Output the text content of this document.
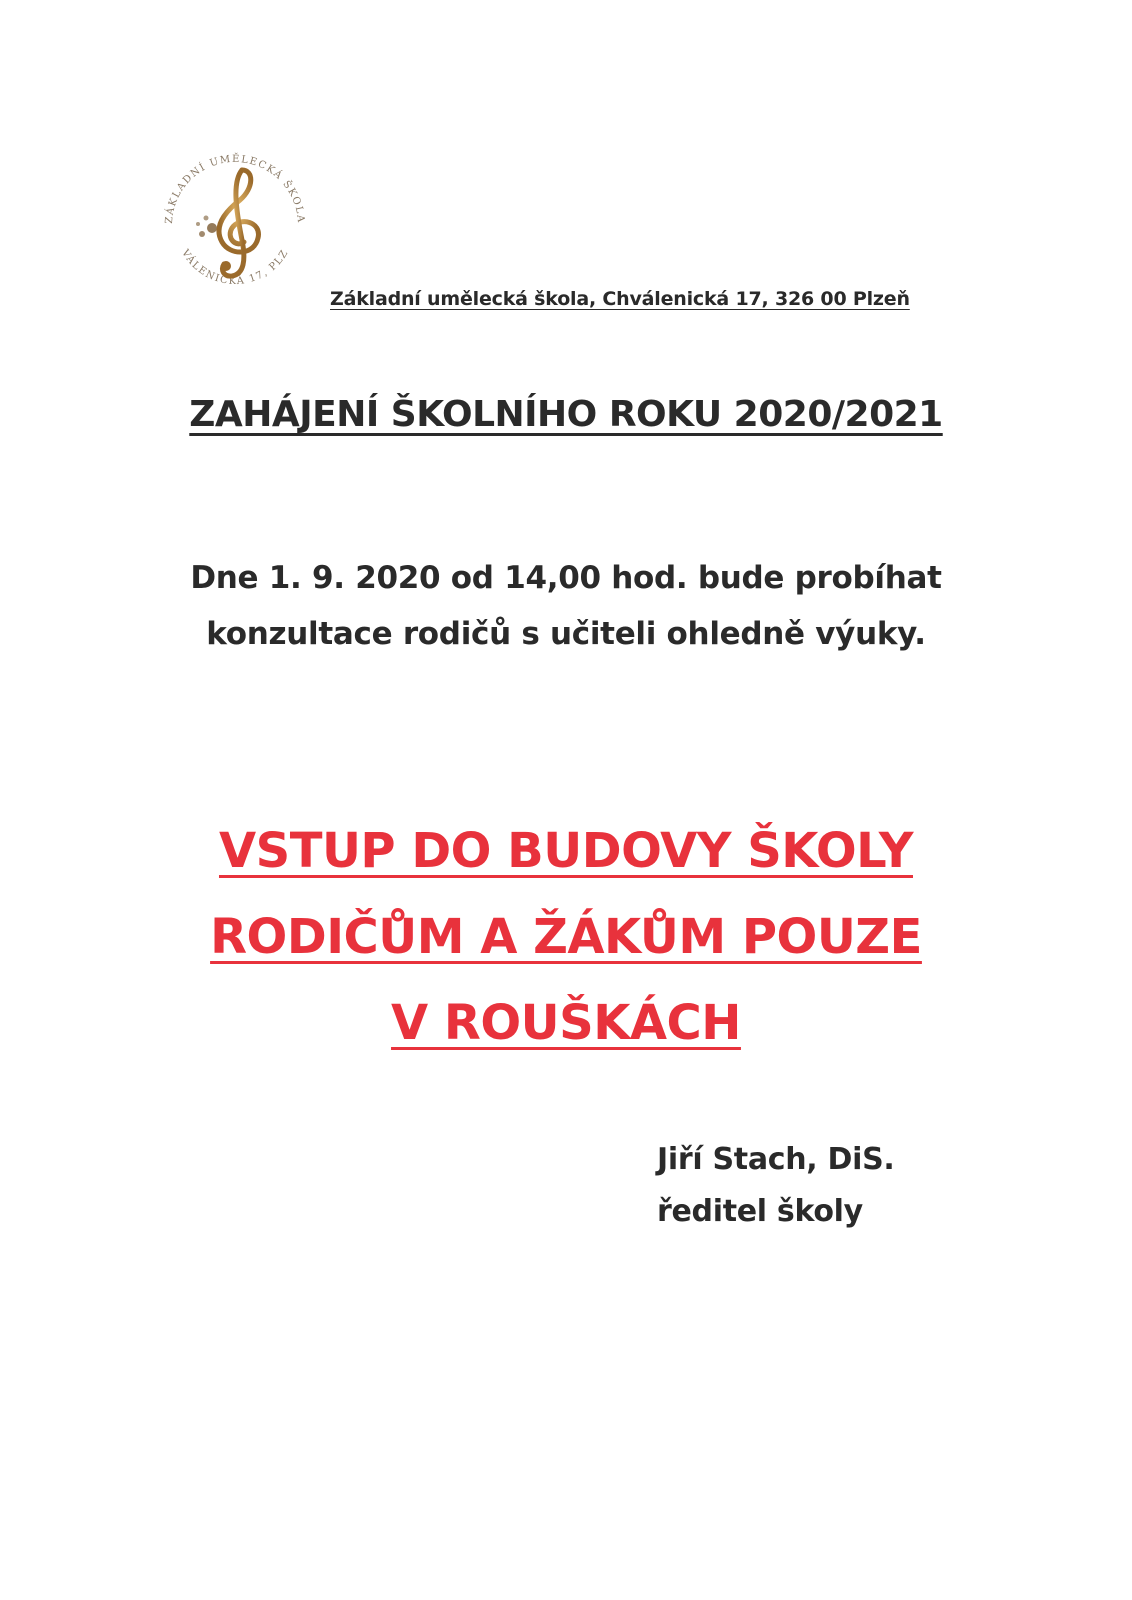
ZÁKLADNÍ UMĚLECKÁ ŠKOLA
VÁLENICKÁ 17, PLZ
Základní umělecká škola, Chválenická 17, 326 00 Plzeň
ZAHÁJENÍ ŠKOLNÍHO ROKU 2020/2021
Dne 1. 9. 2020 od 14,00 hod. bude probíhat
konzultace rodičů s učiteli ohledně výuky.
VSTUP DO BUDOVY ŠKOLY
RODIČŮM A ŽÁKŮM POUZE
V ROUŠKÁCH
Jiří Stach, DiS.
ředitel školy
